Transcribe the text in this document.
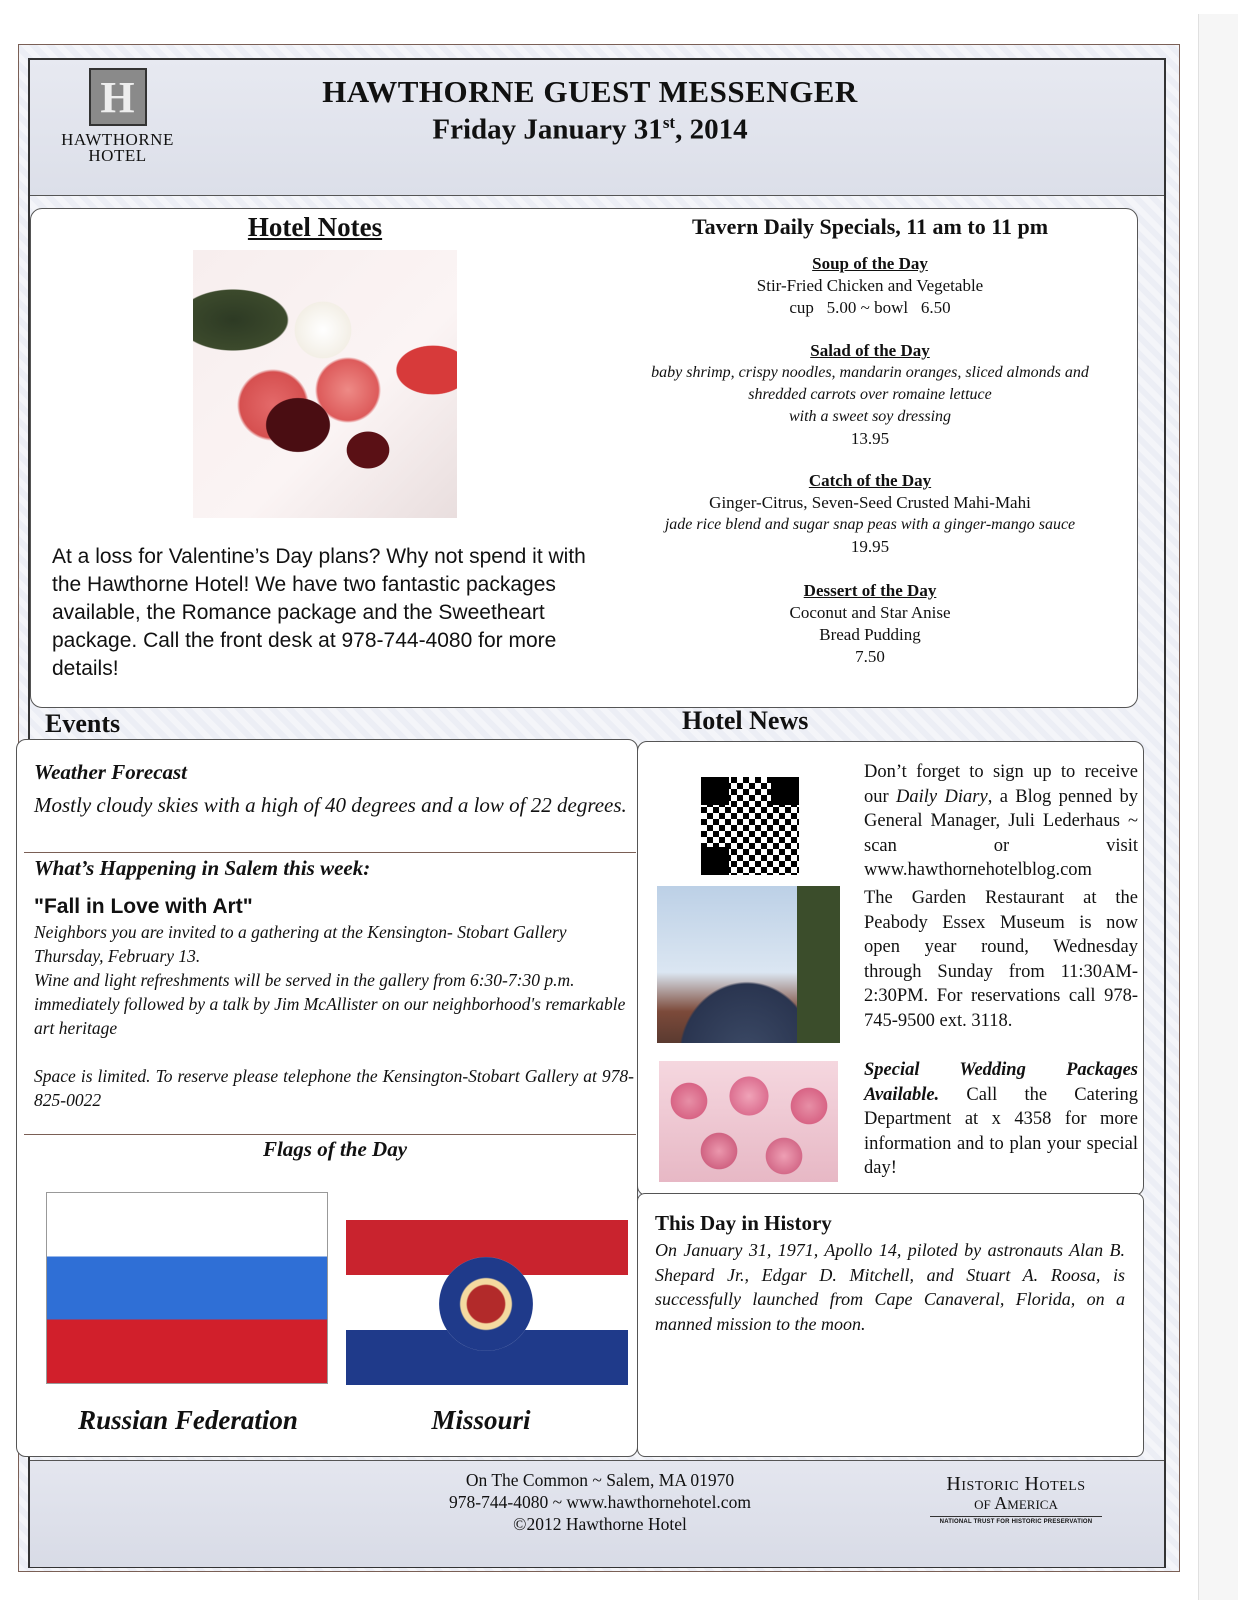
H
HAWTHORNE
HOTEL
HAWTHORNE GUEST MESSENGER
Friday January 31st, 2014
Hotel Notes
At a loss for Valentine’s Day plans? Why not spend it with the Hawthorne Hotel! We have two fantastic packages available, the Romance package and the Sweetheart package. Call the front desk at 978-744-4080 for more details!
Tavern Daily Specials, 11 am to 11 pm
Soup of the Day
Stir-Fried Chicken and Vegetable
cup   5.00 ~ bowl   6.50
Salad of the Day
baby shrimp, crispy noodles, mandarin oranges, sliced almonds and
shredded carrots over romaine lettuce
with a sweet soy dressing
13.95
Catch of the Day
Ginger-Citrus, Seven-Seed Crusted Mahi-Mahi
jade rice blend and sugar snap peas with a ginger-mango sauce
19.95
Dessert of the Day
Coconut and Star Anise
Bread Pudding
7.50
Events	Hotel News
Weather Forecast
Mostly cloudy skies with a high of 40 degrees and a low of 22 degrees.
What’s Happening in Salem this week:
"Fall in Love with Art"
Neighbors you are invited to a gathering at the Kensington- Stobart Gallery Thursday, February 13.
Wine and light refreshments will be served in the gallery from 6:30-7:30 p.m. immediately followed by a talk by Jim McAllister on our neighborhood's remarkable art heritage
Space is limited. To reserve please telephone the Kensington-Stobart Gallery at 978-825-0022
Flags of the Day
Russian Federation	Missouri
Don’t forget to sign up to receive our Daily Diary, a Blog penned by General Manager, Juli Lederhaus ~ scan or visit www.hawthornehotelblog.com
The Garden Restaurant at the Peabody Essex Museum is now open year round, Wednesday through Sunday from 11:30AM-2:30PM. For reservations call 978-745-9500 ext. 3118.
Special Wedding Packages Available. Call the Catering Department at x 4358 for more information and to plan your special day!
This Day in History
On January 31, 1971, Apollo 14, piloted by astronauts Alan B. Shepard Jr., Edgar D. Mitchell, and Stuart A. Roosa, is successfully launched from Cape Canaveral, Florida, on a manned mission to the moon.
On The Common ~ Salem, MA 01970
978-744-4080 ~ www.hawthornehotel.com
©2012 Hawthorne Hotel
Historic Hotels
of America
NATIONAL TRUST FOR HISTORIC PRESERVATION
